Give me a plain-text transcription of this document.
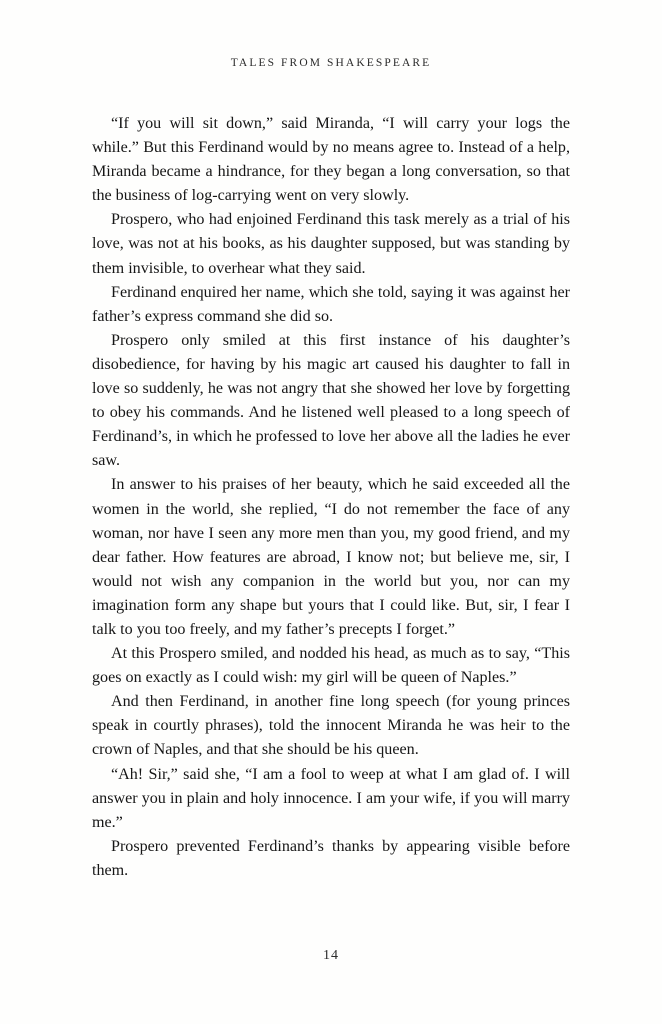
TALES FROM SHAKESPEARE

“If you will sit down,” said Miranda, “I will carry your logs the while.” But this Ferdinand would by no means agree to. Instead of a help, Miranda became a hindrance, for they began a long conversation, so that the business of log-carrying went on very slowly.

Prospero, who had enjoined Ferdinand this task merely as a trial of his love, was not at his books, as his daughter supposed, but was standing by them invisible, to overhear what they said.

Ferdinand enquired her name, which she told, saying it was against her father’s express command she did so.

Prospero only smiled at this first instance of his daughter’s disobedience, for having by his magic art caused his daughter to fall in love so suddenly, he was not angry that she showed her love by forgetting to obey his commands. And he listened well pleased to a long speech of Ferdinand’s, in which he professed to love her above all the ladies he ever saw.

In answer to his praises of her beauty, which he said exceeded all the women in the world, she replied, “I do not remember the face of any woman, nor have I seen any more men than you, my good friend, and my dear father. How features are abroad, I know not; but believe me, sir, I would not wish any companion in the world but you, nor can my imagination form any shape but yours that I could like. But, sir, I fear I talk to you too freely, and my father’s precepts I forget.”

At this Prospero smiled, and nodded his head, as much as to say, “This goes on exactly as I could wish: my girl will be queen of Naples.”

And then Ferdinand, in another fine long speech (for young princes speak in courtly phrases), told the innocent Miranda he was heir to the crown of Naples, and that she should be his queen.

“Ah! Sir,” said she, “I am a fool to weep at what I am glad of. I will answer you in plain and holy innocence. I am your wife, if you will marry me.”

Prospero prevented Ferdinand’s thanks by appearing visible before them.

14
